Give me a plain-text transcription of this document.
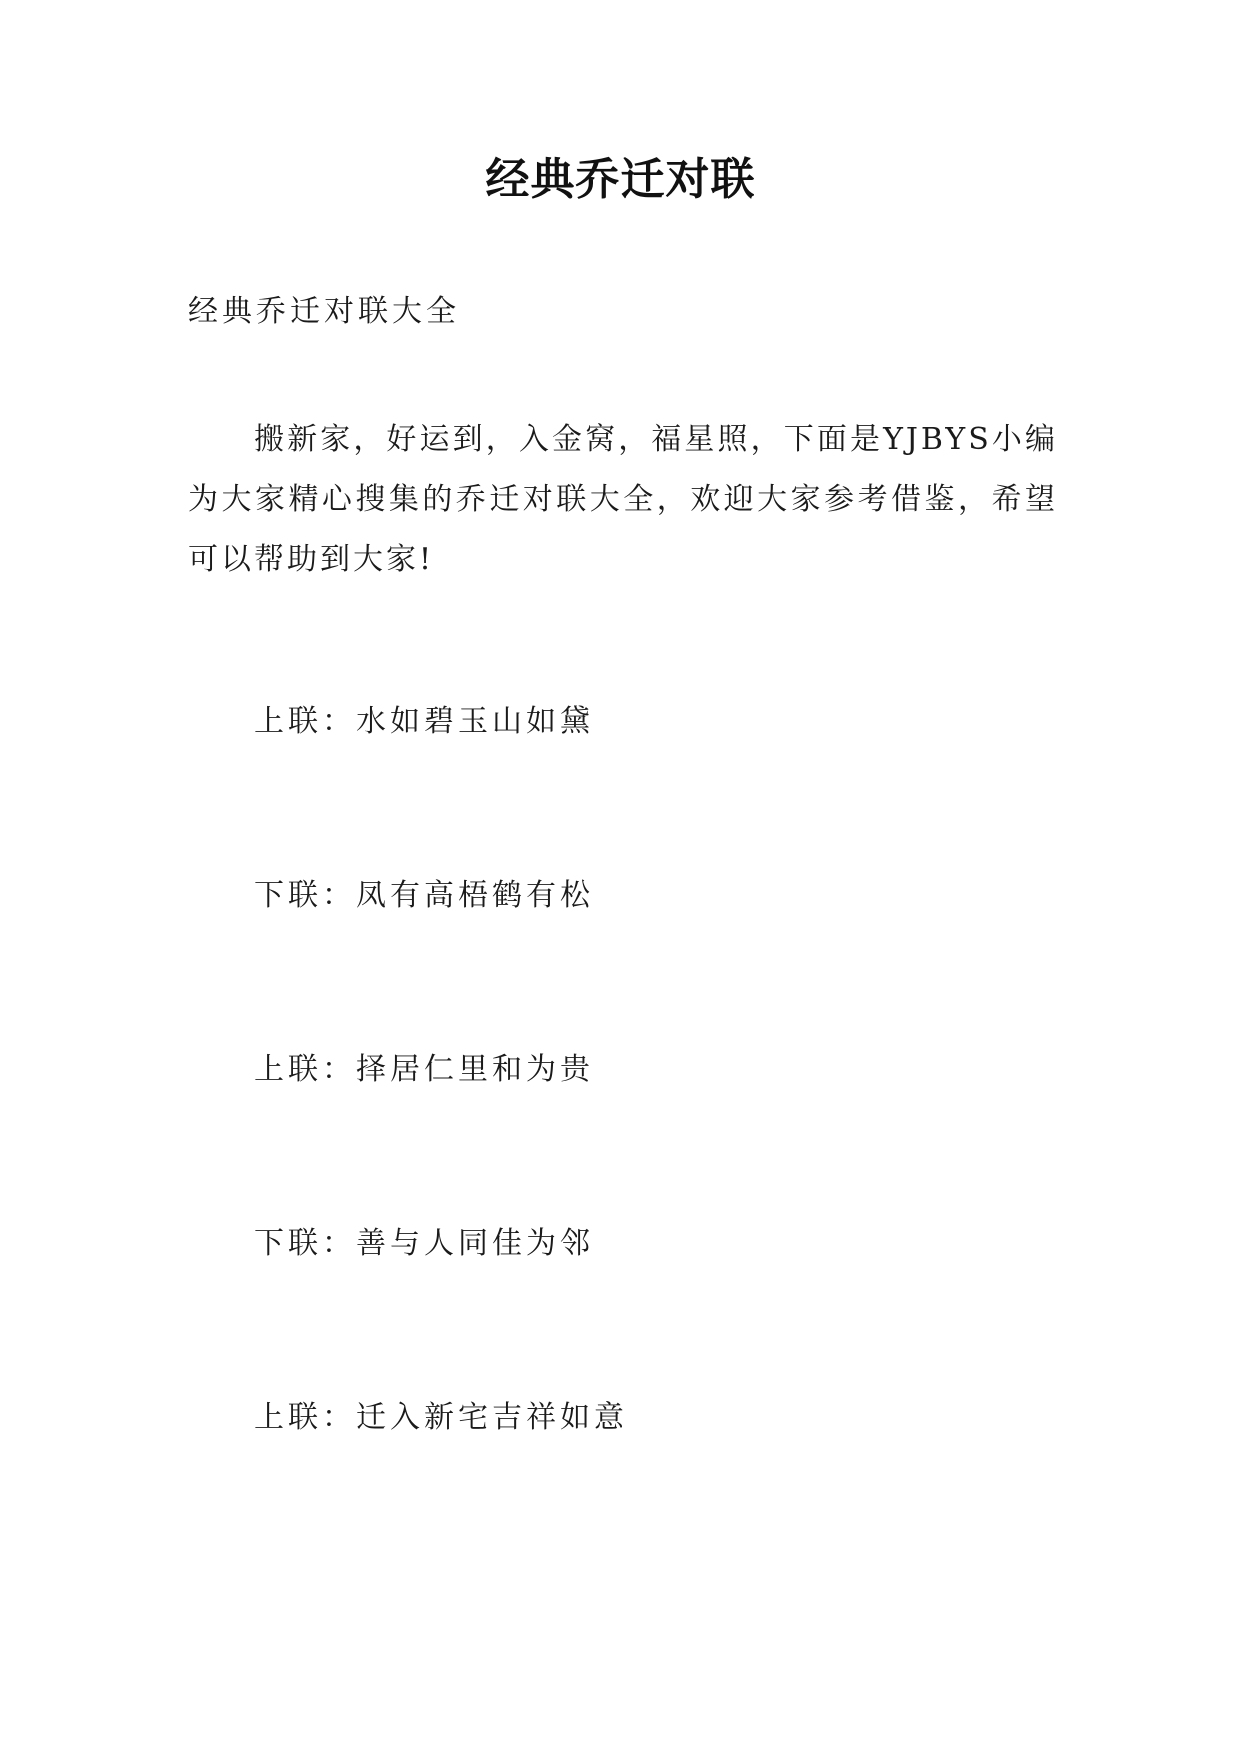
经典乔迁对联
经典乔迁对联大全
搬新家，好运到，入金窝，福星照，下面是YJBYS小编为大家精心搜集的乔迁对联大全，欢迎大家参考借鉴，希望可以帮助到大家!
上联：水如碧玉山如黛
下联：凤有高梧鹤有松
上联：择居仁里和为贵
下联：善与人同佳为邻
上联：迁入新宅吉祥如意
